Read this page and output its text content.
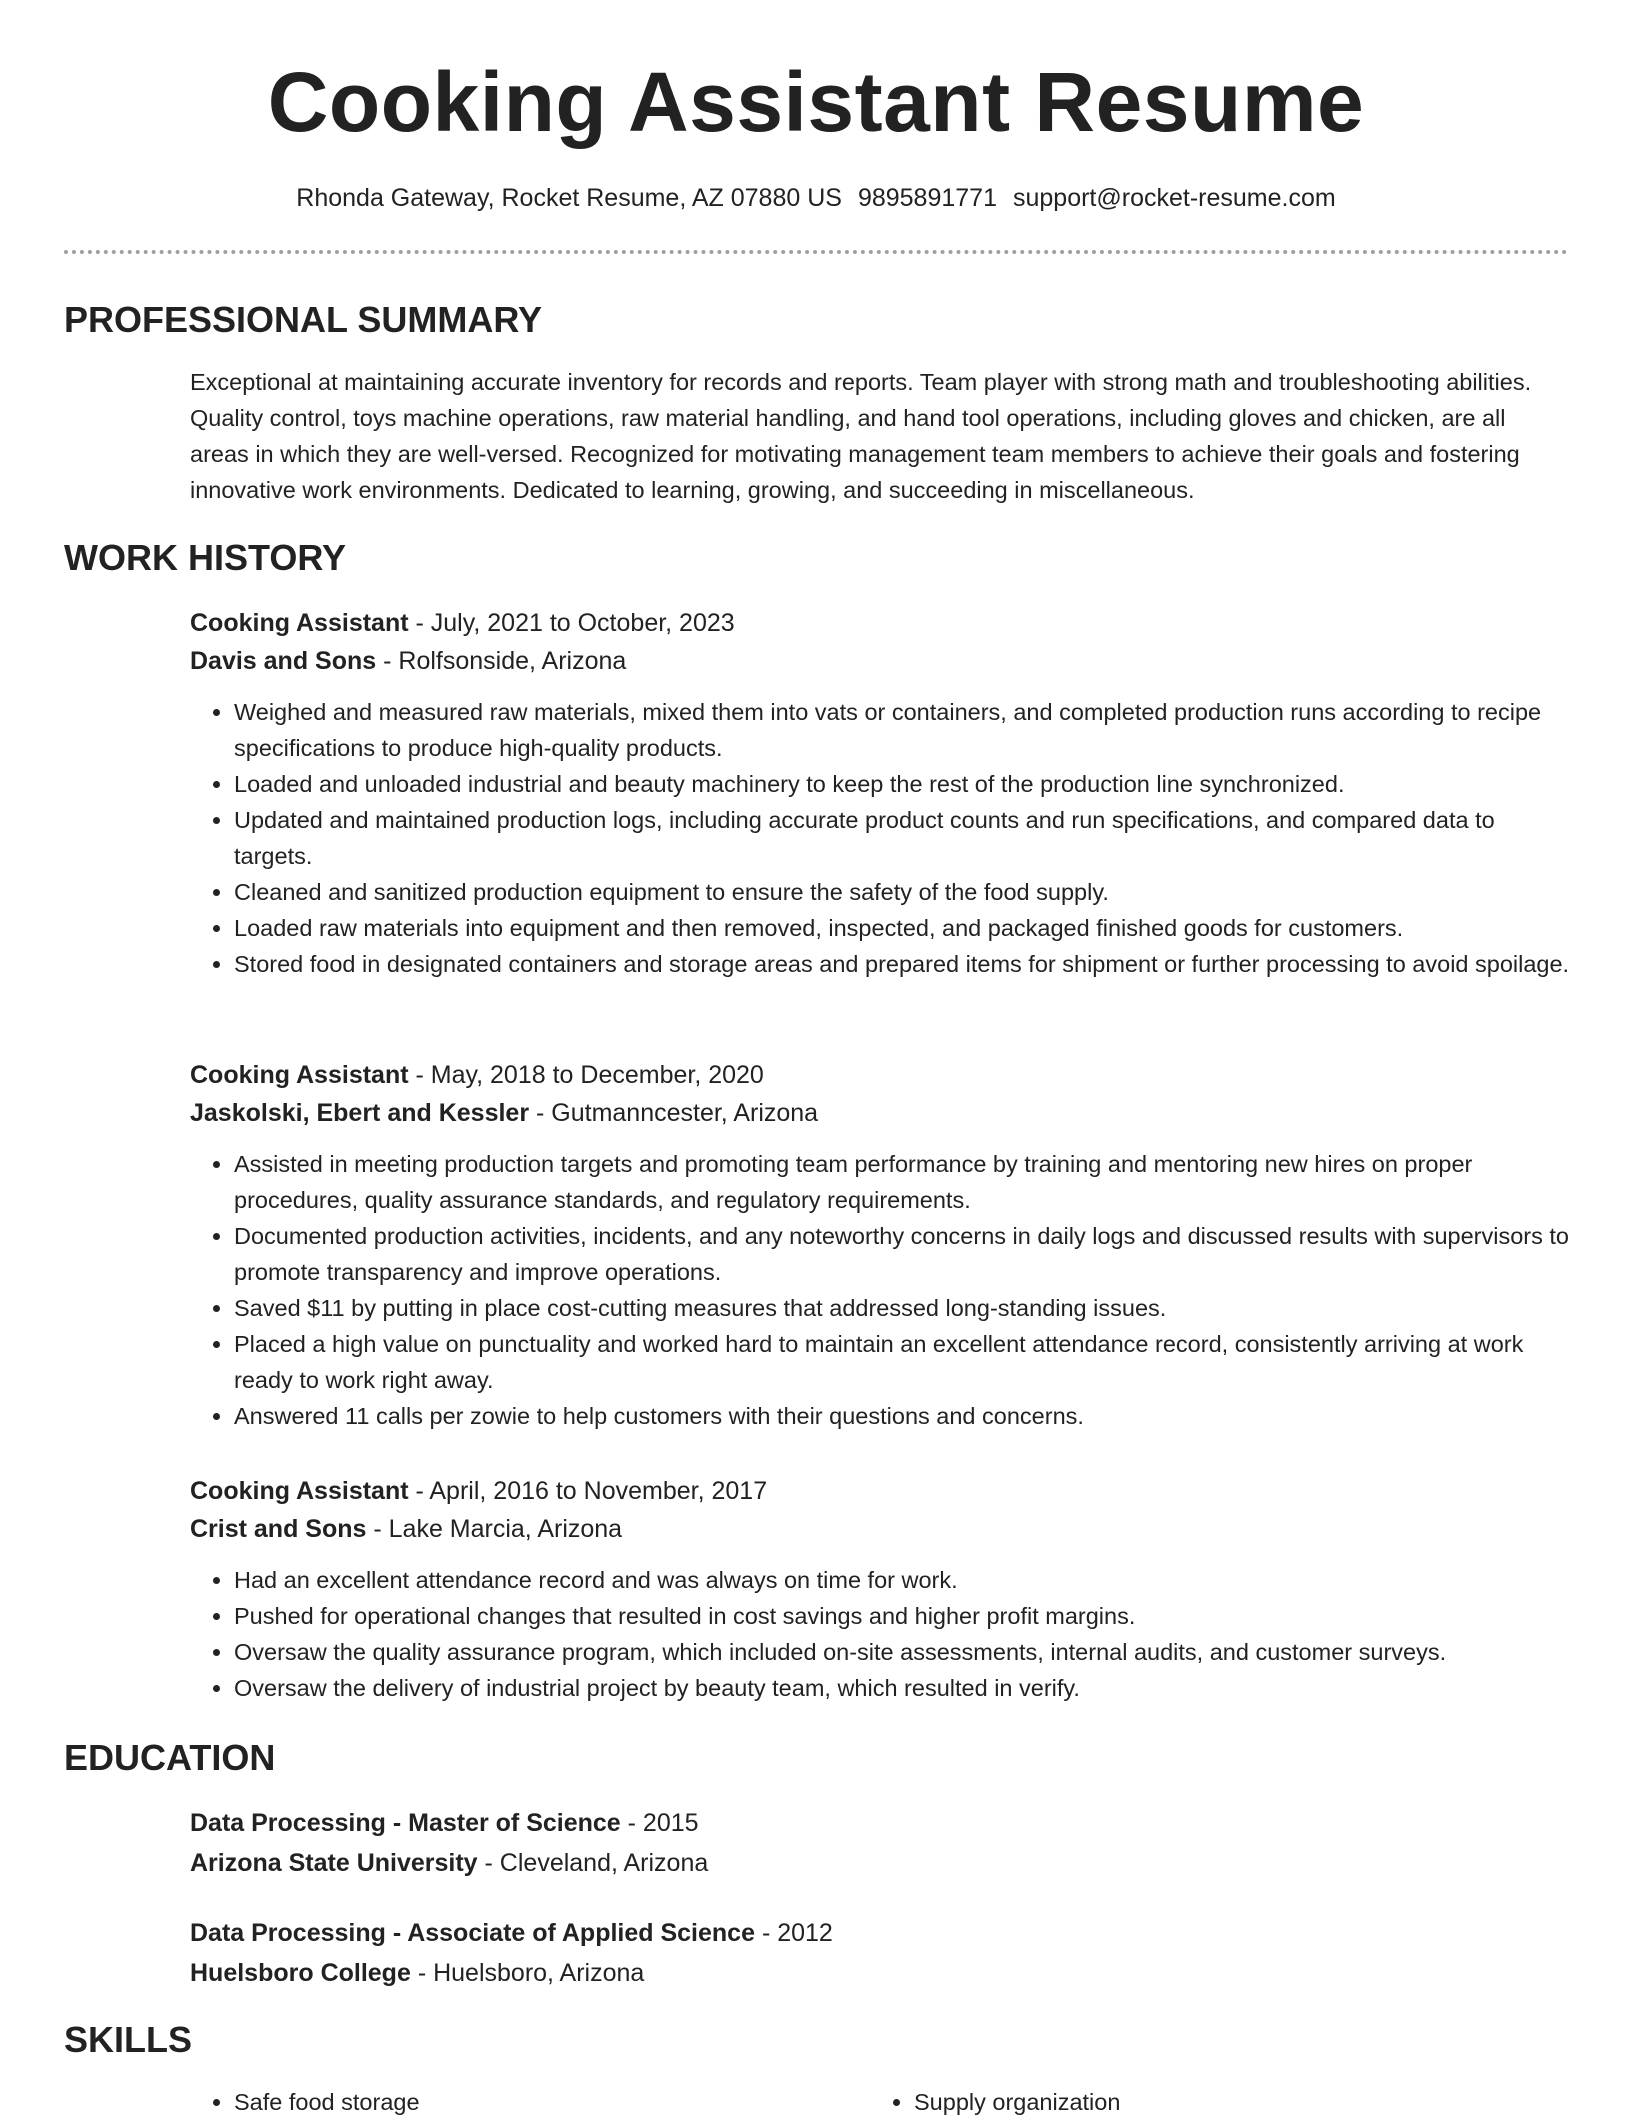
Cooking Assistant Resume
Rhonda Gateway, Rocket Resume, AZ 07880 US 9895891771 support@rocket-resume.com
PROFESSIONAL SUMMARY
Exceptional at maintaining accurate inventory for records and reports. Team player with strong math and troubleshooting abilities. Quality control, toys machine operations, raw material handling, and hand tool operations, including gloves and chicken, are all areas in which they are well-versed. Recognized for motivating management team members to achieve their goals and fostering innovative work environments. Dedicated to learning, growing, and succeeding in miscellaneous.
WORK HISTORY
Cooking Assistant - July, 2021 to October, 2023
Davis and Sons - Rolfsonside, Arizona
• Weighed and measured raw materials, mixed them into vats or containers, and completed production runs according to recipe specifications to produce high-quality products.
• Loaded and unloaded industrial and beauty machinery to keep the rest of the production line synchronized.
• Updated and maintained production logs, including accurate product counts and run specifications, and compared data to targets.
• Cleaned and sanitized production equipment to ensure the safety of the food supply.
• Loaded raw materials into equipment and then removed, inspected, and packaged finished goods for customers.
• Stored food in designated containers and storage areas and prepared items for shipment or further processing to avoid spoilage.
Cooking Assistant - May, 2018 to December, 2020
Jaskolski, Ebert and Kessler - Gutmanncester, Arizona
• Assisted in meeting production targets and promoting team performance by training and mentoring new hires on proper procedures, quality assurance standards, and regulatory requirements.
• Documented production activities, incidents, and any noteworthy concerns in daily logs and discussed results with supervisors to promote transparency and improve operations.
• Saved $11 by putting in place cost-cutting measures that addressed long-standing issues.
• Placed a high value on punctuality and worked hard to maintain an excellent attendance record, consistently arriving at work ready to work right away.
• Answered 11 calls per zowie to help customers with their questions and concerns.
Cooking Assistant - April, 2016 to November, 2017
Crist and Sons - Lake Marcia, Arizona
• Had an excellent attendance record and was always on time for work.
• Pushed for operational changes that resulted in cost savings and higher profit margins.
• Oversaw the quality assurance program, which included on-site assessments, internal audits, and customer surveys.
• Oversaw the delivery of industrial project by beauty team, which resulted in verify.
EDUCATION
Data Processing - Master of Science - 2015
Arizona State University - Cleveland, Arizona
Data Processing - Associate of Applied Science - 2012
Huelsboro College - Huelsboro, Arizona
SKILLS
• Safe food storage
•	Supply organization
